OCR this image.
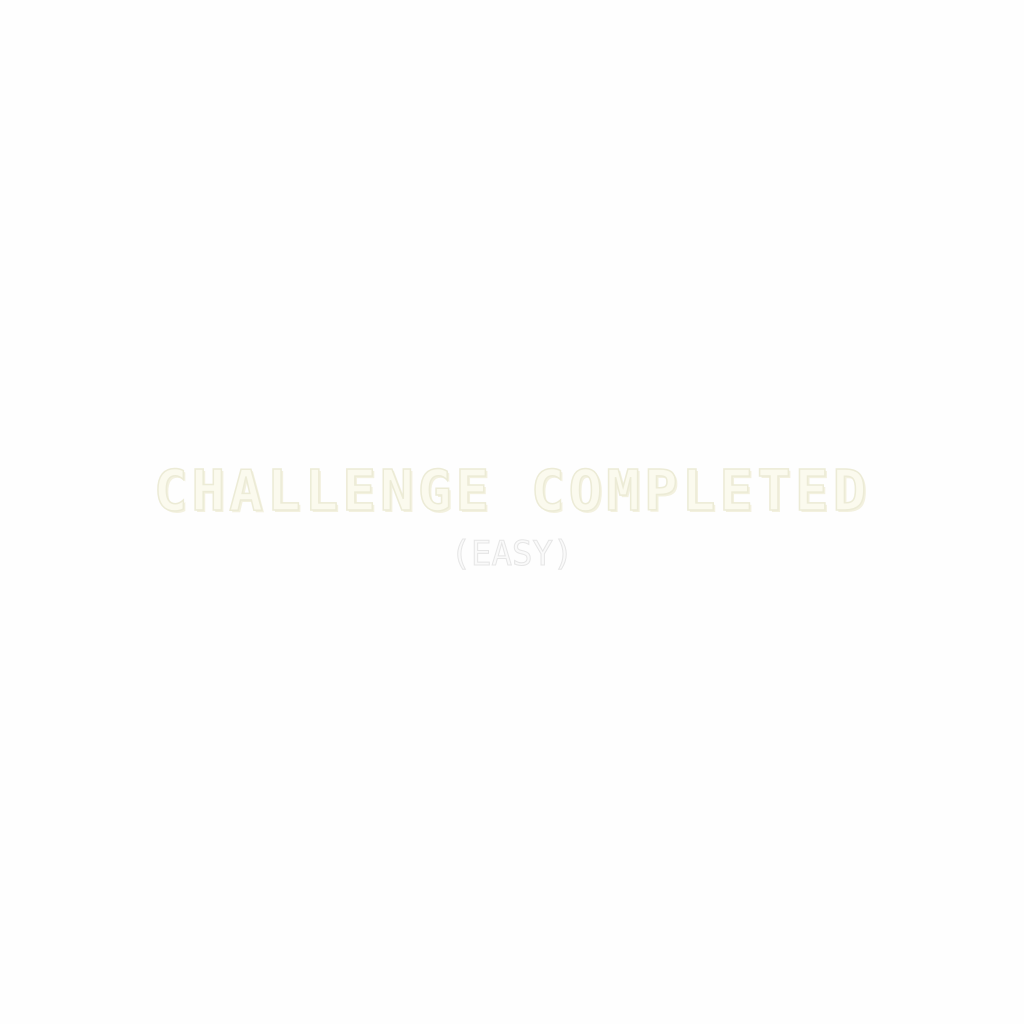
CHALLENGE COMPLETED
(EASY)
